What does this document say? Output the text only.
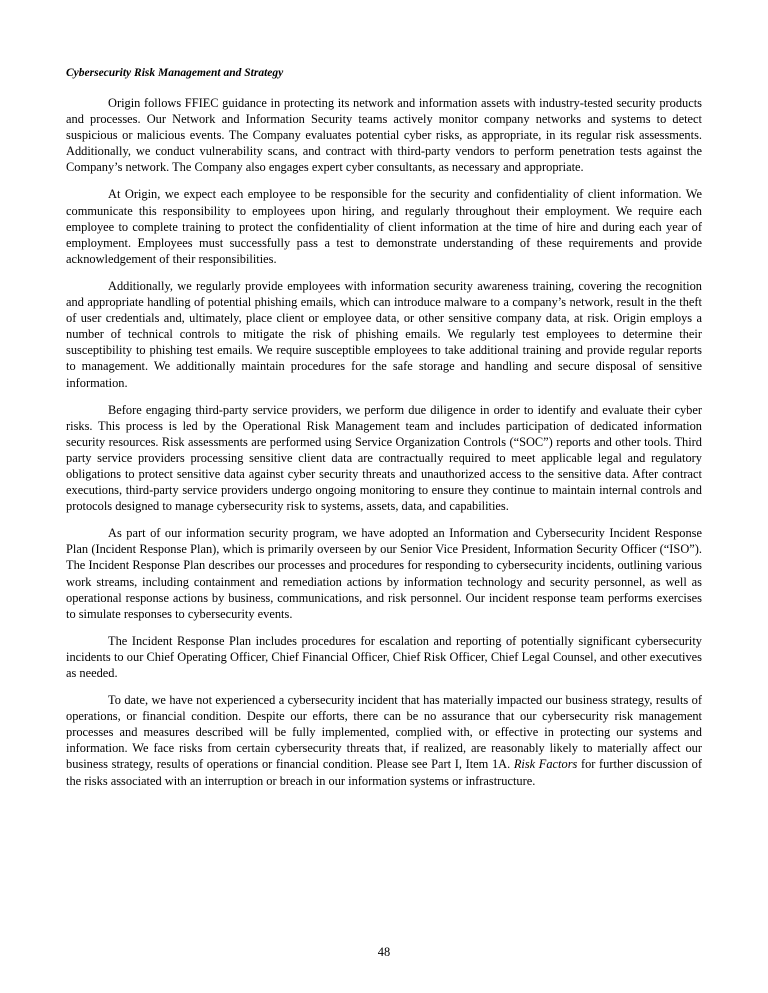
Cybersecurity Risk Management and Strategy

Origin follows FFIEC guidance in protecting its network and information assets with industry-tested security products and processes. Our Network and Information Security teams actively monitor company networks and systems to detect suspicious or malicious events. The Company evaluates potential cyber risks, as appropriate, in its regular risk assessments. Additionally, we conduct vulnerability scans, and contract with third-party vendors to perform penetration tests against the Company’s network. The Company also engages expert cyber consultants, as necessary and appropriate.

At Origin, we expect each employee to be responsible for the security and confidentiality of client information. We communicate this responsibility to employees upon hiring, and regularly throughout their employment. We require each employee to complete training to protect the confidentiality of client information at the time of hire and during each year of employment. Employees must successfully pass a test to demonstrate understanding of these requirements and provide acknowledgement of their responsibilities.

Additionally, we regularly provide employees with information security awareness training, covering the recognition and appropriate handling of potential phishing emails, which can introduce malware to a company’s network, result in the theft of user credentials and, ultimately, place client or employee data, or other sensitive company data, at risk. Origin employs a number of technical controls to mitigate the risk of phishing emails. We regularly test employees to determine their susceptibility to phishing test emails. We require susceptible employees to take additional training and provide regular reports to management. We additionally maintain procedures for the safe storage and handling and secure disposal of sensitive information.

Before engaging third-party service providers, we perform due diligence in order to identify and evaluate their cyber risks. This process is led by the Operational Risk Management team and includes participation of dedicated information security resources. Risk assessments are performed using Service Organization Controls (“SOC”) reports and other tools. Third party service providers processing sensitive client data are contractually required to meet applicable legal and regulatory obligations to protect sensitive data against cyber security threats and unauthorized access to the sensitive data. After contract executions, third-party service providers undergo ongoing monitoring to ensure they continue to maintain internal controls and protocols designed to manage cybersecurity risk to systems, assets, data, and capabilities.

As part of our information security program, we have adopted an Information and Cybersecurity Incident Response Plan (Incident Response Plan), which is primarily overseen by our Senior Vice President, Information Security Officer (“ISO”). The Incident Response Plan describes our processes and procedures for responding to cybersecurity incidents, outlining various work streams, including containment and remediation actions by information technology and security personnel, as well as operational response actions by business, communications, and risk personnel. Our incident response team performs exercises to simulate responses to cybersecurity events.

The Incident Response Plan includes procedures for escalation and reporting of potentially significant cybersecurity incidents to our Chief Operating Officer, Chief Financial Officer, Chief Risk Officer, Chief Legal Counsel, and other executives as needed.

To date, we have not experienced a cybersecurity incident that has materially impacted our business strategy, results of operations, or financial condition. Despite our efforts, there can be no assurance that our cybersecurity risk management processes and measures described will be fully implemented, complied with, or effective in protecting our systems and information. We face risks from certain cybersecurity threats that, if realized, are reasonably likely to materially affect our business strategy, results of operations or financial condition. Please see Part I, Item 1A. Risk Factors for further discussion of the risks associated with an interruption or breach in our information systems or infrastructure.

48
